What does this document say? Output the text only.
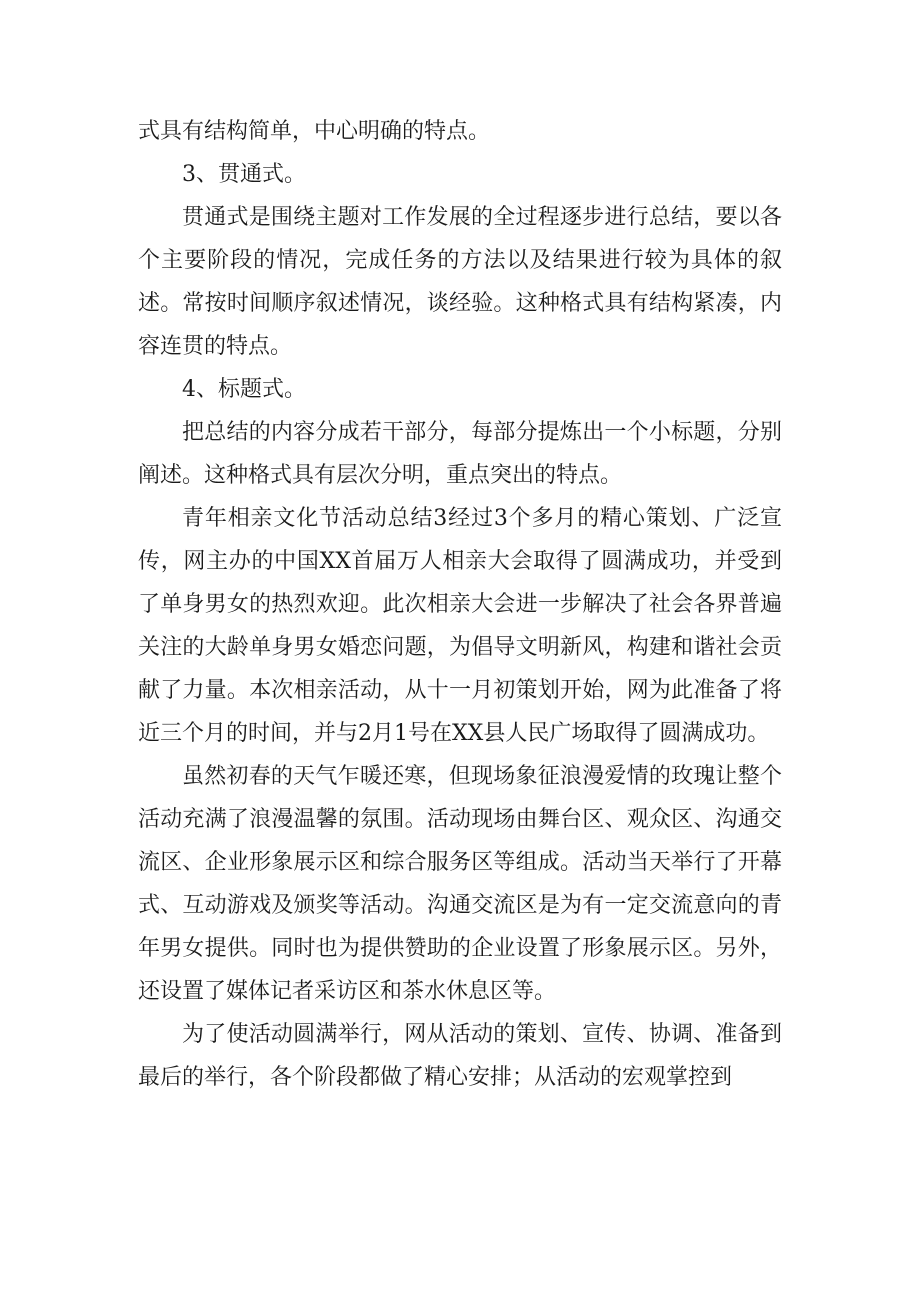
式具有结构简单，中心明确的特点。

3、贯通式。

贯通式是围绕主题对工作发展的全过程逐步进行总结，要以各个主要阶段的情况，完成任务的方法以及结果进行较为具体的叙述。常按时间顺序叙述情况，谈经验。这种格式具有结构紧凑，内容连贯的特点。

4、标题式。

把总结的内容分成若干部分，每部分提炼出一个小标题，分别阐述。这种格式具有层次分明，重点突出的特点。

青年相亲文化节活动总结3经过3个多月的精心策划、广泛宣传，网主办的中国XX首届万人相亲大会取得了圆满成功，并受到了单身男女的热烈欢迎。此次相亲大会进一步解决了社会各界普遍关注的大龄单身男女婚恋问题，为倡导文明新风，构建和谐社会贡献了力量。本次相亲活动，从十一月初策划开始，网为此准备了将近三个月的时间，并与2月1号在XX县人民广场取得了圆满成功。

虽然初春的天气乍暖还寒，但现场象征浪漫爱情的玫瑰让整个活动充满了浪漫温馨的氛围。活动现场由舞台区、观众区、沟通交流区、企业形象展示区和综合服务区等组成。活动当天举行了开幕式、互动游戏及颁奖等活动。沟通交流区是为有一定交流意向的青年男女提供。同时也为提供赞助的企业设置了形象展示区。另外，还设置了媒体记者采访区和茶水休息区等。

为了使活动圆满举行，网从活动的策划、宣传、协调、准备到最后的举行，各个阶段都做了精心安排；从活动的宏观掌控到
